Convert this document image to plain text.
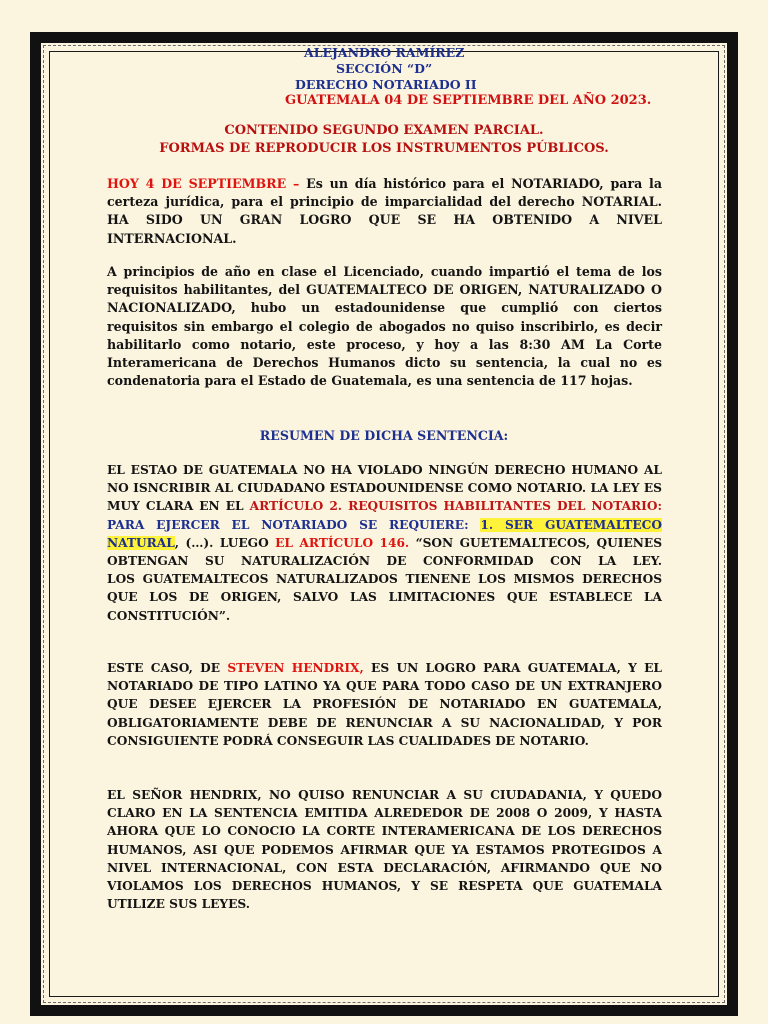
ALEJANDRO RAMÍREZ
SECCIÓN “D”
DERECHO NOTARIADO II
GUATEMALA 04 DE SEPTIEMBRE DEL AÑO 2023.
CONTENIDO SEGUNDO EXAMEN PARCIAL.
FORMAS DE REPRODUCIR LOS INSTRUMENTOS PÚBLICOS.

HOY 4 DE SEPTIEMBRE – Es un día histórico para el NOTARIADO, para la certeza jurídica, para el principio de imparcialidad del derecho NOTARIAL. HA SIDO UN GRAN LOGRO QUE SE HA OBTENIDO A NIVEL INTERNACIONAL.

A principios de año en clase el Licenciado, cuando impartió el tema de los requisitos habilitantes, del GUATEMALTECO DE ORIGEN, NATURALIZADO O NACIONALIZADO, hubo un estadounidense que cumplió con ciertos requisitos sin embargo el colegio de abogados no quiso inscribirlo, es decir habilitarlo como notario, este proceso, y hoy a las 8:30 AM La Corte Interamericana de Derechos Humanos dicto su sentencia, la cual no es condenatoria para el Estado de Guatemala, es una sentencia de 117 hojas.

RESUMEN DE DICHA SENTENCIA:

EL ESTAO DE GUATEMALA NO HA VIOLADO NINGÚN DERECHO HUMANO AL NO ISNCRIBIR AL CIUDADANO ESTADOUNIDENSE COMO NOTARIO. LA LEY ES MUY CLARA EN EL ARTÍCULO 2. REQUISITOS HABILITANTES DEL NOTARIO: PARA EJERCER EL NOTARIADO SE REQUIERE: 1. SER GUATEMALTECO NATURAL, (…). LUEGO EL ARTÍCULO 146. “SON GUETEMALTECOS, QUIENES OBTENGAN SU NATURALIZACIÓN DE CONFORMIDAD CON LA LEY.                        LOS GUATEMALTECOS NATURALIZADOS TIENENE LOS MISMOS DERECHOS QUE LOS DE ORIGEN, SALVO LAS LIMITACIONES QUE ESTABLECE LA CONSTITUCIÓN”.

ESTE CASO, DE STEVEN HENDRIX, ES UN LOGRO PARA GUATEMALA, Y EL NOTARIADO DE TIPO LATINO YA QUE PARA TODO CASO DE UN EXTRANJERO QUE DESEE EJERCER LA PROFESIÓN DE NOTARIADO EN GUATEMALA, OBLIGATORIAMENTE DEBE DE RENUNCIAR A SU NACIONALIDAD, Y POR CONSIGUIENTE PODRÁ CONSEGUIR LAS CUALIDADES DE NOTARIO.

EL SEÑOR HENDRIX, NO QUISO RENUNCIAR A SU CIUDADANIA, Y QUEDO CLARO EN LA SENTENCIA EMITIDA ALREDEDOR DE 2008 O 2009, Y HASTA AHORA QUE LO CONOCIO LA CORTE INTERAMERICANA DE LOS DERECHOS HUMANOS, ASI QUE PODEMOS AFIRMAR QUE YA ESTAMOS PROTEGIDOS A NIVEL INTERNACIONAL, CON ESTA DECLARACIÓN, AFIRMANDO QUE NO VIOLAMOS LOS DERECHOS HUMANOS, Y SE RESPETA QUE GUATEMALA UTILIZE SUS LEYES.
